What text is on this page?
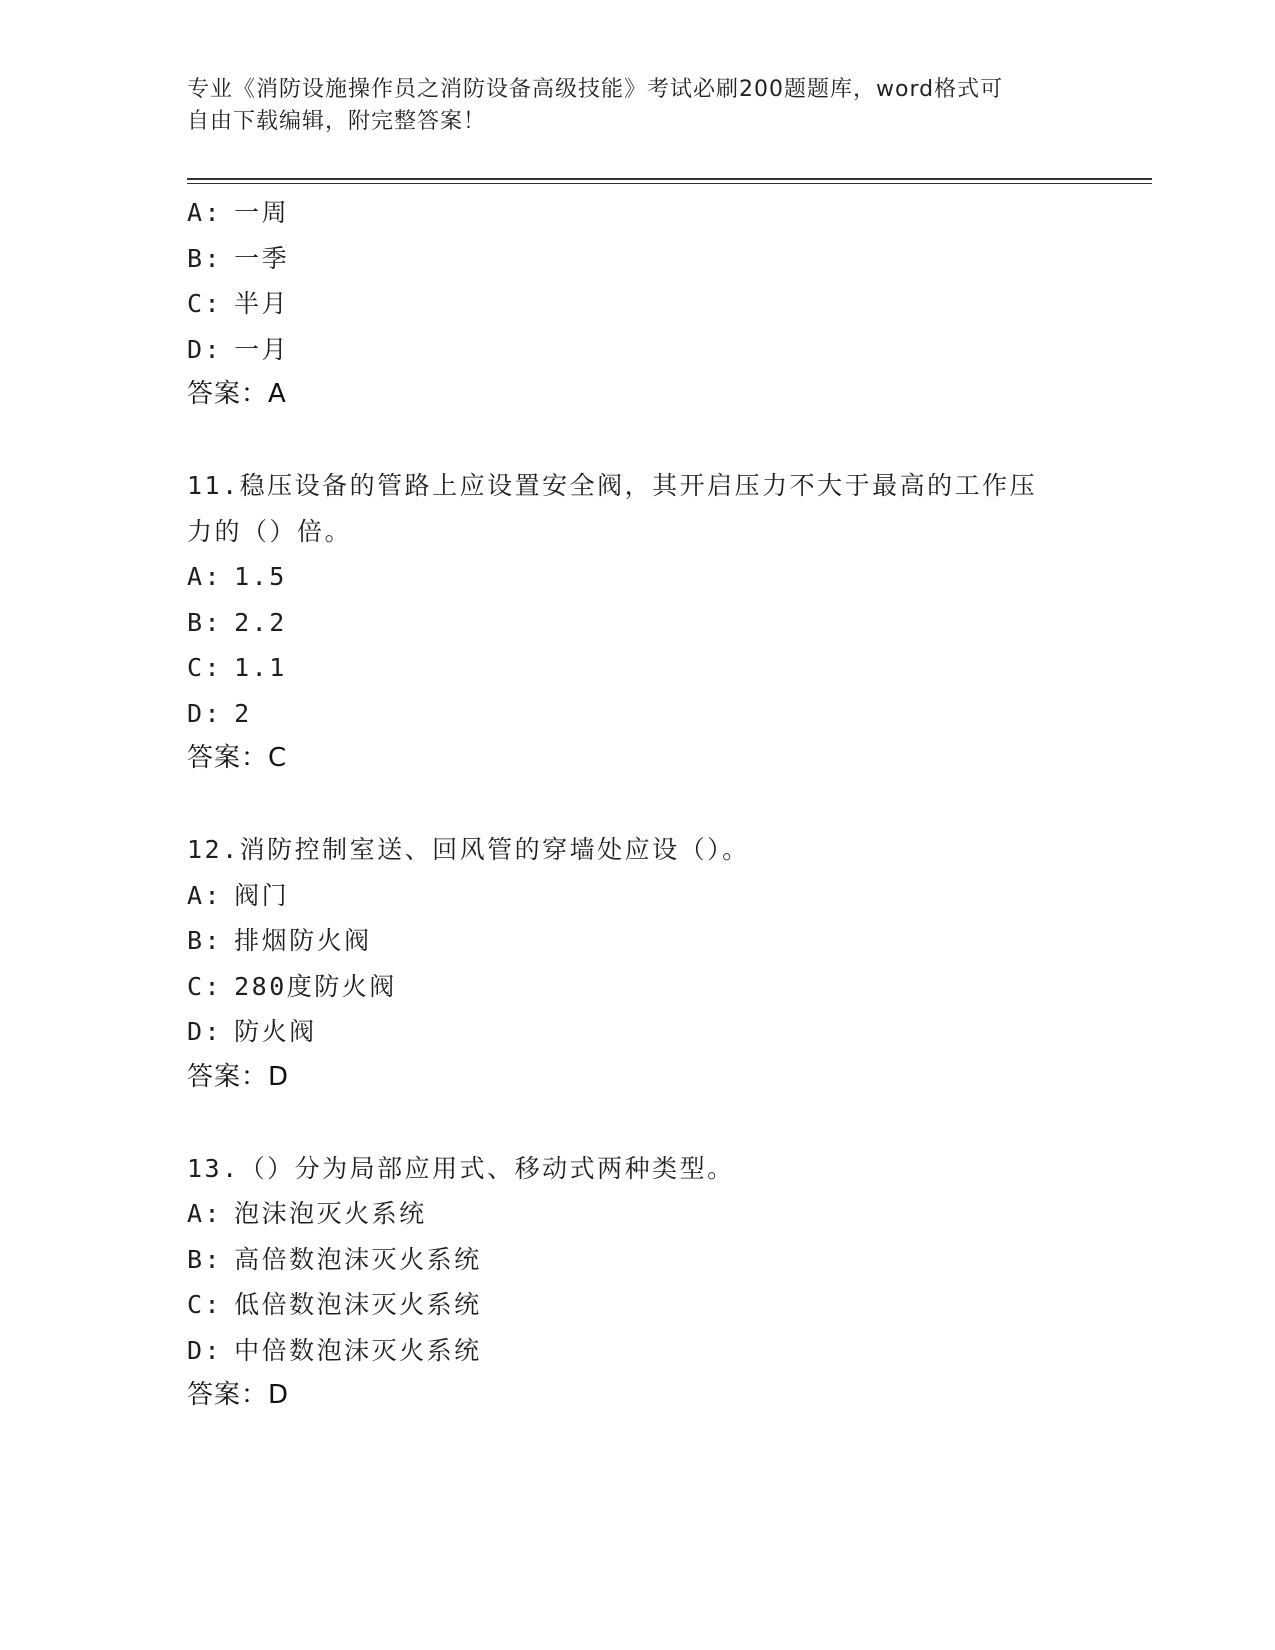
专业《消防设施操作员之消防设备高级技能》考试必刷200题题库，word格式可
自由下载编辑，附完整答案！
A: 一周
B: 一季
C: 半月
D: 一月
答案：A
11.稳压设备的管路上应设置安全阀，其开启压力不大于最高的工作压
力的（）倍。
A: 1.5
B: 2.2
C: 1.1
D: 2
答案：C
12.消防控制室送、回风管的穿墙处应设（）。
A: 阀门
B: 排烟防火阀
C: 280度防火阀
D: 防火阀
答案：D
13.（）分为局部应用式、移动式两种类型。
A: 泡沫泡灭火系统
B: 高倍数泡沫灭火系统
C: 低倍数泡沫灭火系统
D: 中倍数泡沫灭火系统
答案：D
